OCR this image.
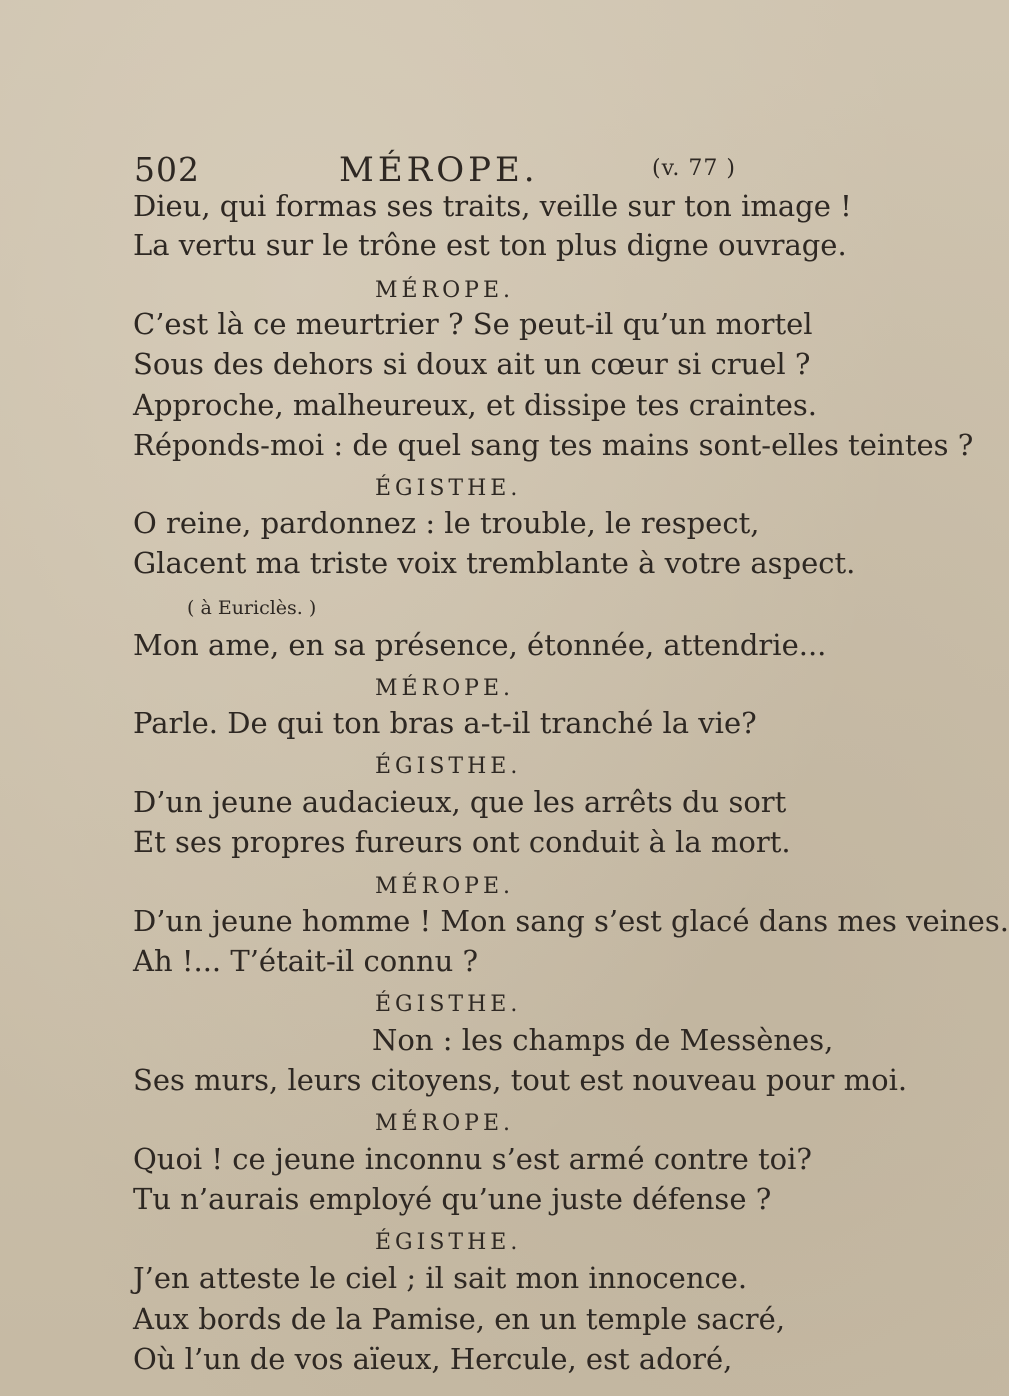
502	MÉROPE.	(v. 77 )
Dieu, qui formas ses traits, veille sur ton image !
La vertu sur le trône est ton plus digne ouvrage.
MÉROPE.
C’est là ce meurtrier ? Se peut-il qu’un mortel
Sous des dehors si doux ait un cœur si cruel ?
Approche, malheureux, et dissipe tes craintes.
Réponds-moi : de quel sang tes mains sont-elles teintes ?
ÉGISTHE.
O reine, pardonnez : le trouble, le respect,
Glacent ma triste voix tremblante à votre aspect.
( à Euriclès. )
Mon ame, en sa présence, étonnée, attendrie...
MÉROPE.
Parle. De qui ton bras a-t-il tranché la vie?
ÉGISTHE.
D’un jeune audacieux, que les arrêts du sort
Et ses propres fureurs ont conduit à la mort.
MÉROPE.
D’un jeune homme ! Mon sang s’est glacé dans mes veines.
Ah !... T’était-il connu ?
ÉGISTHE.
Non : les champs de Messènes,
Ses murs, leurs citoyens, tout est nouveau pour moi.
MÉROPE.
Quoi ! ce jeune inconnu s’est armé contre toi?
Tu n’aurais employé qu’une juste défense ?
ÉGISTHE.
J’en atteste le ciel ; il sait mon innocence.
Aux bords de la Pamise, en un temple sacré,
Où l’un de vos aïeux, Hercule, est adoré,
